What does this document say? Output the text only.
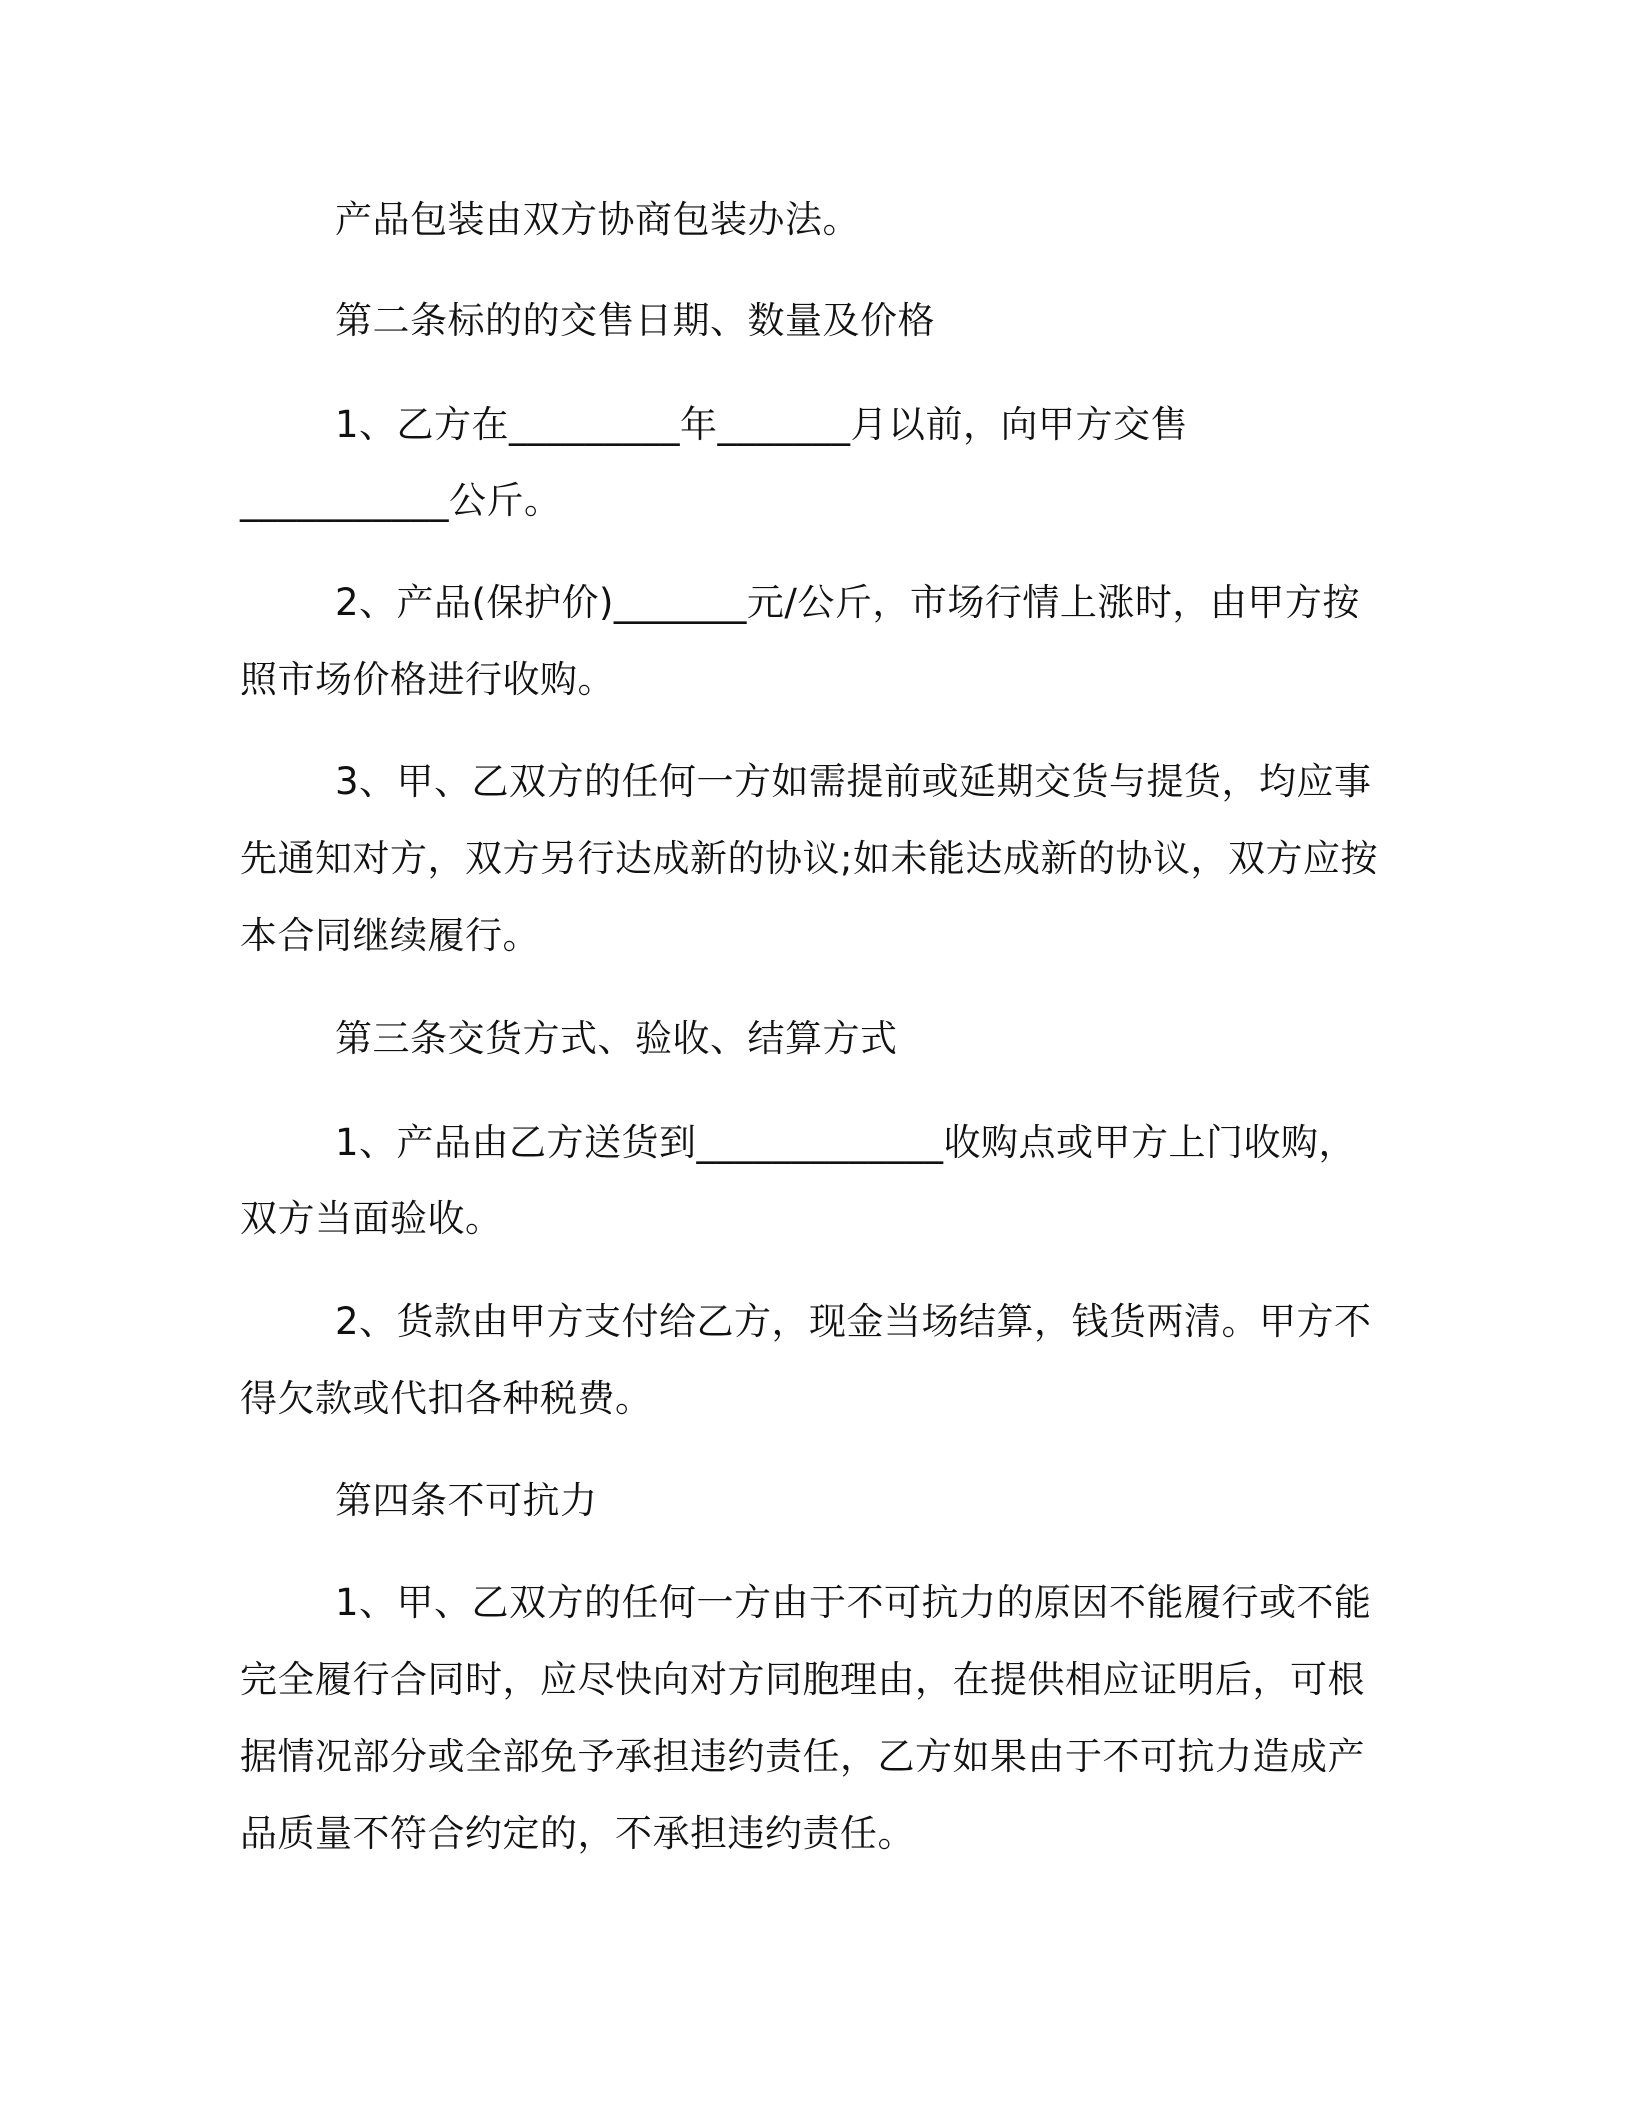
产品包装由双方协商包装办法。
第二条标的的交售日期、数量及价格
1、乙方在_________年_______月以前，向甲方交售
___________公斤。
2、产品(保护价)_______元/公斤，市场行情上涨时，由甲方按
照市场价格进行收购。
3、甲、乙双方的任何一方如需提前或延期交货与提货，均应事
先通知对方，双方另行达成新的协议;如未能达成新的协议，双方应按
本合同继续履行。
第三条交货方式、验收、结算方式
1、产品由乙方送货到_____________收购点或甲方上门收购，
双方当面验收。
2、货款由甲方支付给乙方，现金当场结算，钱货两清。甲方不
得欠款或代扣各种税费。
第四条不可抗力
1、甲、乙双方的任何一方由于不可抗力的原因不能履行或不能
完全履行合同时，应尽快向对方同胞理由，在提供相应证明后，可根
据情况部分或全部免予承担违约责任，乙方如果由于不可抗力造成产
品质量不符合约定的，不承担违约责任。
